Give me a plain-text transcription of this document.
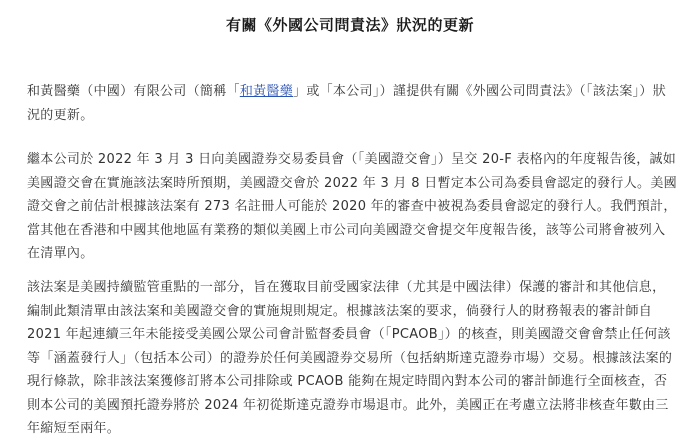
有關《外國公司問責法》狀況的更新

和黃醫藥（中國）有限公司（簡稱「和黃醫藥」或「本公司」）謹提供有關《外國公司問責法》（「該法案」）狀況的更新。

繼本公司於 2022 年 3 月 3 日向美國證券交易委員會（「美國證交會」）呈交 20-F 表格內的年度報告後，誠如美國證交會在實施該法案時所預期，美國證交會於 2022 年 3 月 8 日暫定本公司為委員會認定的發行人。美國證交會之前估計根據該法案有 273 名註冊人可能於 2020 年的審查中被視為委員會認定的發行人。我們預計，當其他在香港和中國其他地區有業務的類似美國上市公司向美國證交會提交年度報告後，該等公司將會被列入在清單內。

該法案是美國持續監管重點的一部分，旨在獲取目前受國家法律（尤其是中國法律）保護的審計和其他信息，編制此類清單由該法案和美國證交會的實施規則規定。根據該法案的要求，倘發行人的財務報表的審計師自 2021 年起連續三年未能接受美國公眾公司會計監督委員會（「PCAOB」）的核查，則美國證交會會禁止任何該等「涵蓋發行人」（包括本公司）的證券於任何美國證券交易所（包括納斯達克證券市場）交易。根據該法案的現行條款，除非該法案獲修訂將本公司排除或 PCAOB 能夠在規定時間內對本公司的審計師進行全面核查，否則本公司的美國預托證券將於 2024 年初從斯達克證券市場退市。此外，美國正在考慮立法將非核查年數由三年縮短至兩年。
